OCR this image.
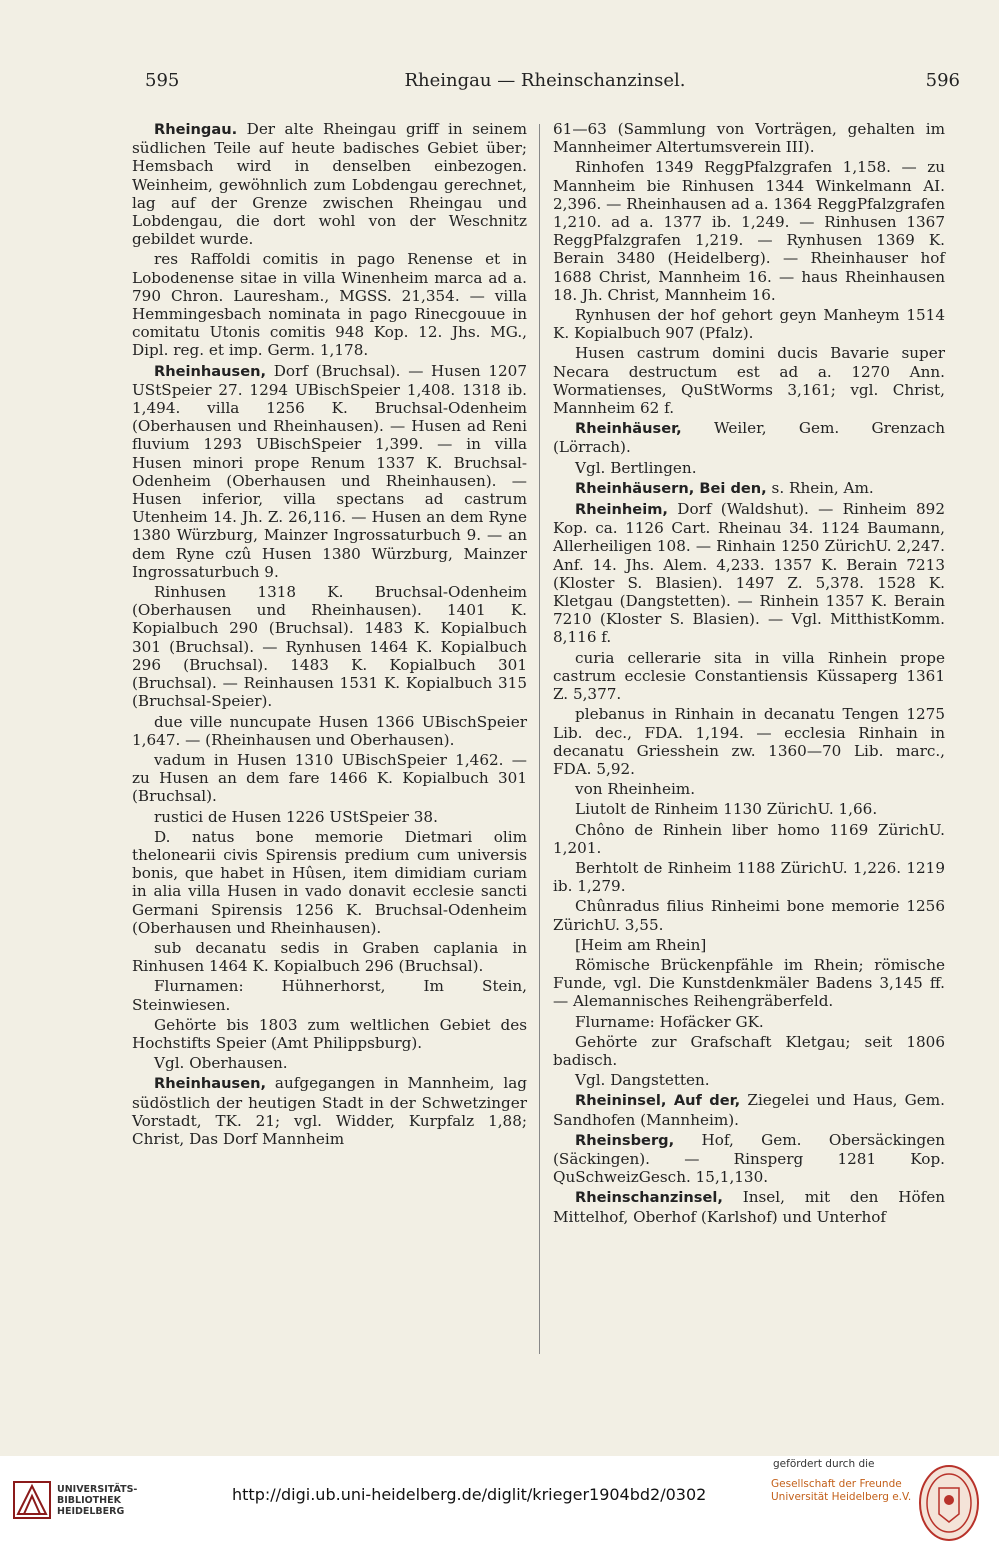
595	Rheingau — Rheinschanzinsel.	596

Rheingau. Der alte Rheingau griff in seinem südlichen Teile auf heute badisches Gebiet über; Hemsbach wird in denselben einbezogen. Weinheim, gewöhnlich zum Lobdengau gerechnet, lag auf der Grenze zwischen Rheingau und Lobdengau, die dort wohl von der Weschnitz gebildet wurde.

res Raffoldi comitis in pago Renense et in Lobodenense sitae in villa Winenheim marca ad a. 790 Chron. Lauresham., MGSS. 21,354. — villa Hemmingesbach nominata in pago Rinecgouue in comitatu Utonis comitis 948 Kop. 12. Jhs. MG., Dipl. reg. et imp. Germ. 1,178.

Rheinhausen, Dorf (Bruchsal). — Husen 1207 UStSpeier 27. 1294 UBischSpeier 1,408. 1318 ib. 1,494. villa 1256 K. Bruchsal-Odenheim (Oberhausen und Rheinhausen). — Husen ad Reni fluvium 1293 UBischSpeier 1,399. — in villa Husen minori prope Renum 1337 K. Bruchsal-Odenheim (Oberhausen und Rheinhausen). — Husen inferior, villa spectans ad castrum Utenheim 14. Jh. Z. 26,116. — Husen an dem Ryne 1380 Würzburg, Mainzer Ingrossaturbuch 9. — an dem Ryne czû Husen 1380 Würzburg, Mainzer Ingrossaturbuch 9.

Rinhusen 1318 K. Bruchsal-Odenheim (Oberhausen und Rheinhausen). 1401 K. Kopialbuch 290 (Bruchsal). 1483 K. Kopialbuch 301 (Bruchsal). — Rynhusen 1464 K. Kopialbuch 296 (Bruchsal). 1483 K. Kopialbuch 301 (Bruchsal). — Reinhausen 1531 K. Kopialbuch 315 (Bruchsal-Speier).

due ville nuncupate Husen 1366 UBischSpeier 1,647. — (Rheinhausen und Oberhausen).

vadum in Husen 1310 UBischSpeier 1,462. — zu Husen an dem fare 1466 K. Kopialbuch 301 (Bruchsal).

rustici de Husen 1226 UStSpeier 38.

D. natus bone memorie Dietmari olim thelonearii civis Spirensis predium cum universis bonis, que habet in Hûsen, item dimidiam curiam in alia villa Husen in vado donavit ecclesie sancti Germani Spirensis 1256 K. Bruchsal-Odenheim (Oberhausen und Rheinhausen).

sub decanatu sedis in Graben caplania in Rinhusen 1464 K. Kopialbuch 296 (Bruchsal).

Flurnamen: Hühnerhorst, Im Stein, Steinwiesen.

Gehörte bis 1803 zum weltlichen Gebiet des Hochstifts Speier (Amt Philippsburg).

Vgl. Oberhausen.

Rheinhausen, aufgegangen in Mannheim, lag südöstlich der heutigen Stadt in der Schwetzinger Vorstadt, TK. 21; vgl. Widder, Kurpfalz 1,88; Christ, Das Dorf Mannheim

61—63 (Sammlung von Vorträgen, gehalten im Mannheimer Altertumsverein III).

Rinhofen 1349 ReggPfalzgrafen 1,158. — zu Mannheim bie Rinhusen 1344 Winkelmann AI. 2,396. — Rheinhausen ad a. 1364 ReggPfalzgrafen 1,210. ad a. 1377 ib. 1,249. — Rinhusen 1367 ReggPfalzgrafen 1,219. — Rynhusen 1369 K. Berain 3480 (Heidelberg). — Rheinhauser hof 1688 Christ, Mannheim 16. — haus Rheinhausen 18. Jh. Christ, Mannheim 16.

Rynhusen der hof gehort geyn Manheym 1514 K. Kopialbuch 907 (Pfalz).

Husen castrum domini ducis Bavarie super Necara destructum est ad a. 1270 Ann. Wormatienses, QuStWorms 3,161; vgl. Christ, Mannheim 62 f.

Rheinhäuser, Weiler, Gem. Grenzach (Lörrach).

Vgl. Bertlingen.

Rheinhäusern, Bei den, s. Rhein, Am.

Rheinheim, Dorf (Waldshut). — Rinheim 892 Kop. ca. 1126 Cart. Rheinau 34. 1124 Baumann, Allerheiligen 108. — Rinhain 1250 ZürichU. 2,247. Anf. 14. Jhs. Alem. 4,233. 1357 K. Berain 7213 (Kloster S. Blasien). 1497 Z. 5,378. 1528 K. Kletgau (Dangstetten). — Rinhein 1357 K. Berain 7210 (Kloster S. Blasien). — Vgl. MitthistKomm. 8,116 f.

curia cellerarie sita in villa Rinhein prope castrum ecclesie Constantiensis Küssaperg 1361 Z. 5,377.

plebanus in Rinhain in decanatu Tengen 1275 Lib. dec., FDA. 1,194. — ecclesia Rinhain in decanatu Griesshein zw. 1360—70 Lib. marc., FDA. 5,92.

von Rheinheim.

Liutolt de Rinheim 1130 ZürichU. 1,66.

Chôno de Rinhein liber homo 1169 ZürichU. 1,201.

Berhtolt de Rinheim 1188 ZürichU. 1,226. 1219 ib. 1,279.

Chûnradus filius Rinheimi bone memorie 1256 ZürichU. 3,55.

[Heim am Rhein]

Römische Brückenpfähle im Rhein; römische Funde, vgl. Die Kunstdenkmäler Badens 3,145 ff. — Alemannisches Reihengräberfeld.

Flurname: Hofäcker GK.

Gehörte zur Grafschaft Kletgau; seit 1806 badisch.

Vgl. Dangstetten.

Rheininsel, Auf der, Ziegelei und Haus, Gem. Sandhofen (Mannheim).

Rheinsberg, Hof, Gem. Obersäckingen (Säckingen). — Rinsperg 1281 Kop. QuSchweizGesch. 15,1,130.

Rheinschanzinsel, Insel, mit den Höfen Mittelhof, Oberhof (Karlshof) und Unterhof

UNIVERSITÄTS-
BIBLIOTHEK
HEIDELBERG
http://digi.ub.uni-heidelberg.de/diglit/krieger1904bd2/0302
gefördert durch die
Gesellschaft der Freunde
Universität Heidelberg e.V.
